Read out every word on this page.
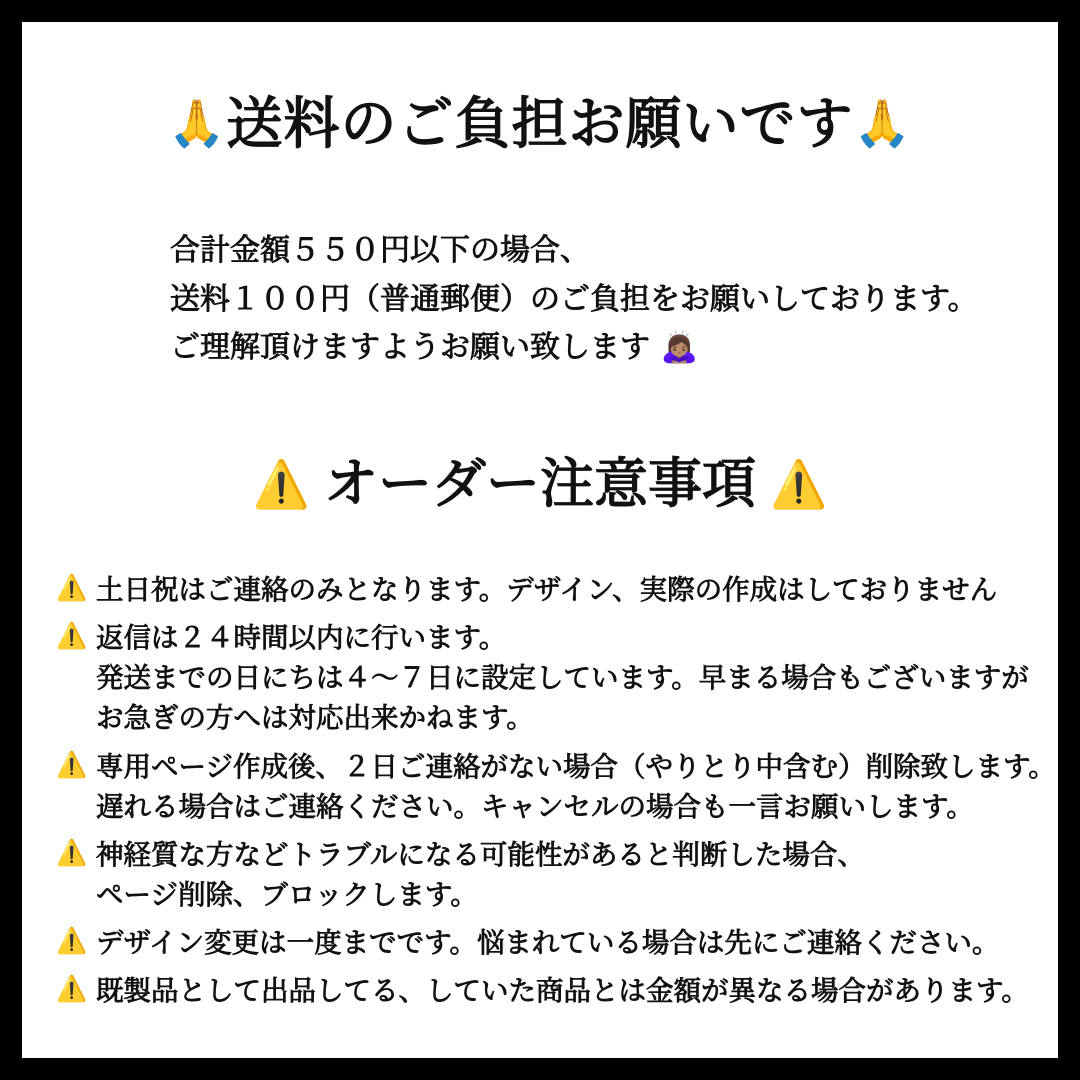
🙏送料のご負担お願いです🙏
合計金額５５０円以下の場合、
送料１００円（普通郵便）のご負担をお願いしております。
ご理解頂けますようお願い致します 🙇🏽‍♀️
⚠️ オーダー注意事項 ⚠️
⚠️ 土日祝はご連絡のみとなります。デザイン、実際の作成はしておりません
⚠️ 返信は２４時間以内に行います。
発送までの日にちは４〜７日に設定しています。早まる場合もございますが
お急ぎの方へは対応出来かねます。
⚠️ 専用ページ作成後、２日ご連絡がない場合（やりとり中含む）削除致します。
遅れる場合はご連絡ください。キャンセルの場合も一言お願いします。
⚠️ 神経質な方などトラブルになる可能性があると判断した場合、
ページ削除、ブロックします。
⚠️ デザイン変更は一度までです。悩まれている場合は先にご連絡ください。
⚠️ 既製品として出品してる、していた商品とは金額が異なる場合があります。
